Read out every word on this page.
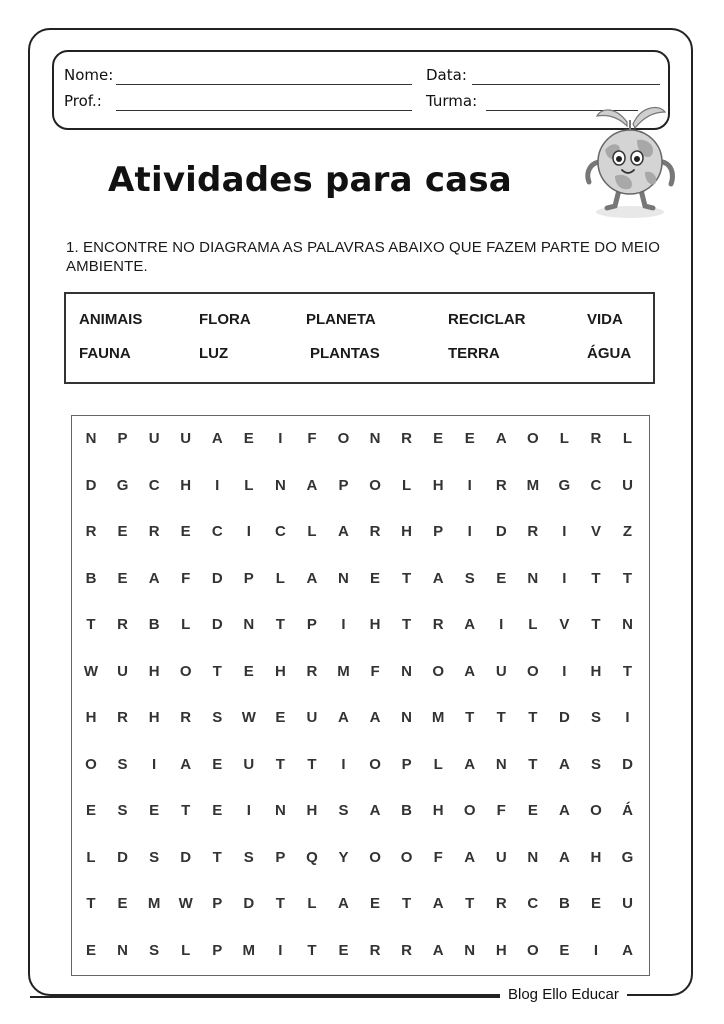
Nome:	Data:
Prof.:	Turma:
Atividades para casa
1. ENCONTRE NO DIAGRAMA AS PALAVRAS ABAIXO QUE FAZEM PARTE DO MEIO AMBIENTE.
ANIMAIS	FLORA	PLANETA	RECICLAR	VIDA
FAUNA	LUZ	PLANTAS	TERRA	ÁGUA
N	P	U	U	A	E	I	F	O	N	R	E	E	A	O	L	R	L
D	G	C	H	I	L	N	A	P	O	L	H	I	R	M	G	C	U
R	E	R	E	C	I	C	L	A	R	H	P	I	D	R	I	V	Z
B	E	A	F	D	P	L	A	N	E	T	A	S	E	N	I	T	T
T	R	B	L	D	N	T	P	I	H	T	R	A	I	L	V	T	N
W	U	H	O	T	E	H	R	M	F	N	O	A	U	O	I	H	T
H	R	H	R	S	W	E	U	A	A	N	M	T	T	T	D	S	I
O	S	I	A	E	U	T	T	I	O	P	L	A	N	T	A	S	D
E	S	E	T	E	I	N	H	S	A	B	H	O	F	E	A	O	Á
L	D	S	D	T	S	P	Q	Y	O	O	F	A	U	N	A	H	G
T	E	M	W	P	D	T	L	A	E	T	A	T	R	C	B	E	U
E	N	S	L	P	M	I	T	E	R	R	A	N	H	O	E	I	A
Blog Ello Educar
